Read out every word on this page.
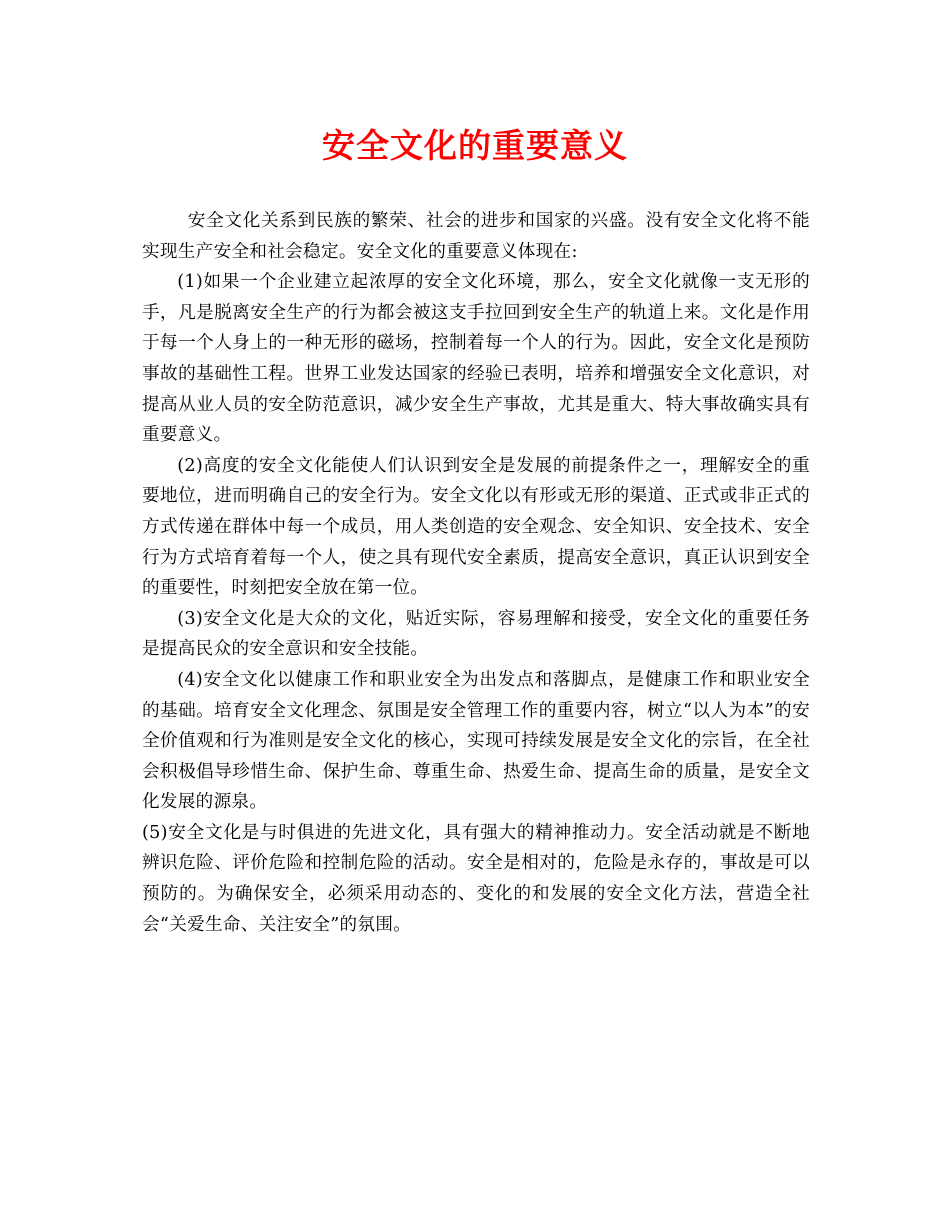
安全文化的重要意义

安全文化关系到民族的繁荣、社会的进步和国家的兴盛。没有安全文化将不能实现生产安全和社会稳定。安全文化的重要意义体现在:

(1)如果一个企业建立起浓厚的安全文化环境，那么，安全文化就像一支无形的手，凡是脱离安全生产的行为都会被这支手拉回到安全生产的轨道上来。文化是作用于每一个人身上的一种无形的磁场，控制着每一个人的行为。因此，安全文化是预防事故的基础性工程。世界工业发达国家的经验已表明，培养和增强安全文化意识，对提高从业人员的安全防范意识，减少安全生产事故，尤其是重大、特大事故确实具有重要意义。

(2)高度的安全文化能使人们认识到安全是发展的前提条件之一，理解安全的重要地位，进而明确自己的安全行为。安全文化以有形或无形的渠道、正式或非正式的方式传递在群体中每一个成员，用人类创造的安全观念、安全知识、安全技术、安全行为方式培育着每一个人，使之具有现代安全素质，提高安全意识，真正认识到安全的重要性，时刻把安全放在第一位。

(3)安全文化是大众的文化，贴近实际，容易理解和接受，安全文化的重要任务是提高民众的安全意识和安全技能。

(4)安全文化以健康工作和职业安全为出发点和落脚点，是健康工作和职业安全的基础。培育安全文化理念、氛围是安全管理工作的重要内容，树立“以人为本”的安全价值观和行为准则是安全文化的核心，实现可持续发展是安全文化的宗旨，在全社会积极倡导珍惜生命、保护生命、尊重生命、热爱生命、提高生命的质量，是安全文化发展的源泉。

(5)安全文化是与时俱进的先进文化，具有强大的精神推动力。安全活动就是不断地辨识危险、评价危险和控制危险的活动。安全是相对的，危险是永存的，事故是可以预防的。为确保安全，必须采用动态的、变化的和发展的安全文化方法，营造全社会“关爱生命、关注安全”的氛围。
